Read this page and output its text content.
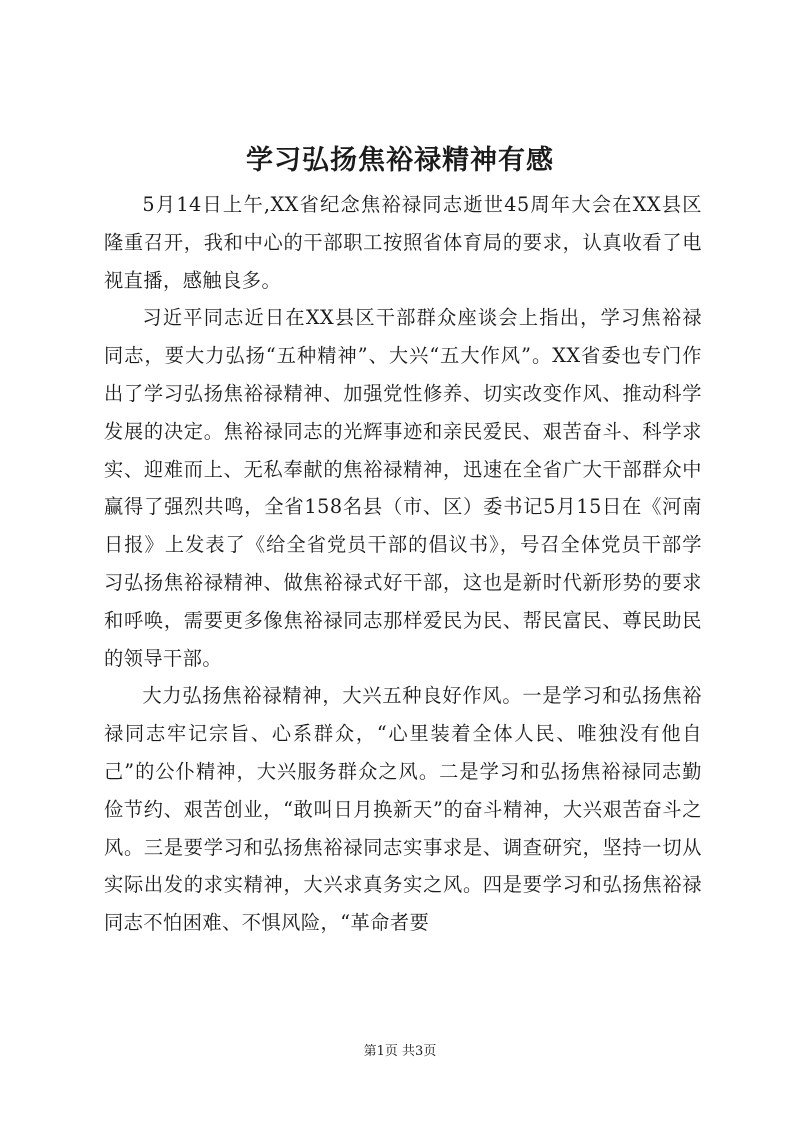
学习弘扬焦裕禄精神有感

5月14日上午,XX省纪念焦裕禄同志逝世45周年大会在XX县区隆重召开，我和中心的干部职工按照省体育局的要求，认真收看了电视直播，感触良多。

习近平同志近日在XX县区干部群众座谈会上指出，学习焦裕禄同志，要大力弘扬“五种精神”、大兴“五大作风”。XX省委也专门作出了学习弘扬焦裕禄精神、加强党性修养、切实改变作风、推动科学发展的决定。焦裕禄同志的光辉事迹和亲民爱民、艰苦奋斗、科学求实、迎难而上、无私奉献的焦裕禄精神，迅速在全省广大干部群众中赢得了强烈共鸣，全省158名县（市、区）委书记5月15日在《河南日报》上发表了《给全省党员干部的倡议书》，号召全体党员干部学习弘扬焦裕禄精神、做焦裕禄式好干部，这也是新时代新形势的要求和呼唤，需要更多像焦裕禄同志那样爱民为民、帮民富民、尊民助民的领导干部。

大力弘扬焦裕禄精神，大兴五种良好作风。一是学习和弘扬焦裕禄同志牢记宗旨、心系群众，“心里装着全体人民、唯独没有他自己”的公仆精神，大兴服务群众之风。二是学习和弘扬焦裕禄同志勤俭节约、艰苦创业，“敢叫日月换新天”的奋斗精神，大兴艰苦奋斗之风。三是要学习和弘扬焦裕禄同志实事求是、调查研究，坚持一切从实际出发的求实精神，大兴求真务实之风。四是要学习和弘扬焦裕禄同志不怕困难、不惧风险，“革命者要

第1页 共3页
